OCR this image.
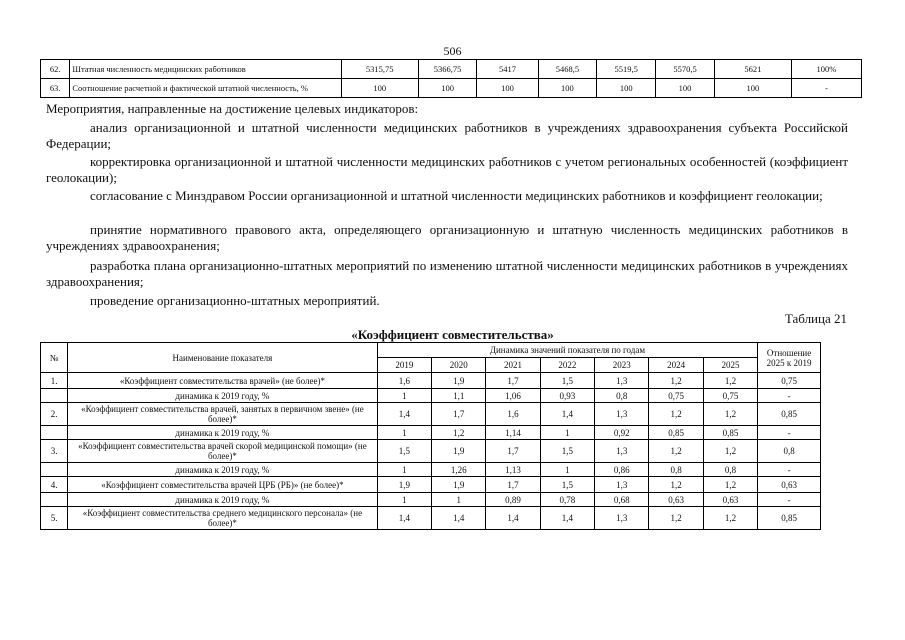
506
62.	Штатная численность медицинских работников	5315,75	5366,75	5417	5468,5	5519,5	5570,5	5621	100%
63.	Соотношение расчетной и фактической штатной численность, %	100	100	100	100	100	100	100	-
Мероприятия, направленные на достижение целевых индикаторов:
анализ организационной и штатной численности медицинских работников в учреждениях здравоохранения субъекта Российской Федерации;
корректировка организационной и штатной численности медицинских работников с учетом региональных особенностей (коэффициент геолокации);
согласование с Минздравом России организационной и штатной численности медицинских работников и коэффициент геолокации;
принятие нормативного правового акта, определяющего организационную и штатную численность медицинских работников в учреждениях здравоохранения;
разработка плана организационно-штатных мероприятий по изменению штатной численности медицинских работников в учреждениях здравоохранения;
проведение организационно-штатных мероприятий.
Таблица 21
«Коэффициент совместительства»
№	Наименование показателя	Динамика значений показателя по годам							Отношение 2025 к 2019
		2019	2020	2021	2022	2023	2024	2025	
1.	«Коэффициент совместительства врачей» (не более)*	1,6	1,9	1,7	1,5	1,3	1,2	1,2	0,75
	динамика к 2019 году, %	1	1,1	1,06	0,93	0,8	0,75	0,75	-
2.	«Коэффициент совместительства врачей, занятых в первичном звене» (не более)*	1,4	1,7	1,6	1,4	1,3	1,2	1,2	0,85
	динамика к 2019 году, %	1	1,2	1,14	1	0,92	0,85	0,85	-
3.	«Коэффициент совместительства врачей скорой медицинской помощи» (не более)*	1,5	1,9	1,7	1,5	1,3	1,2	1,2	0,8
	динамика к 2019 году, %	1	1,26	1,13	1	0,86	0,8	0,8	-
4.	«Коэффициент совместительства врачей ЦРБ (РБ)» (не более)*	1,9	1,9	1,7	1,5	1,3	1,2	1,2	0,63
	динамика к 2019 году, %	1	1	0,89	0,78	0,68	0,63	0,63	-
5.	«Коэффициент совместительства среднего медицинского персонала» (не более)*	1,4	1,4	1,4	1,4	1,3	1,2	1,2	0,85
